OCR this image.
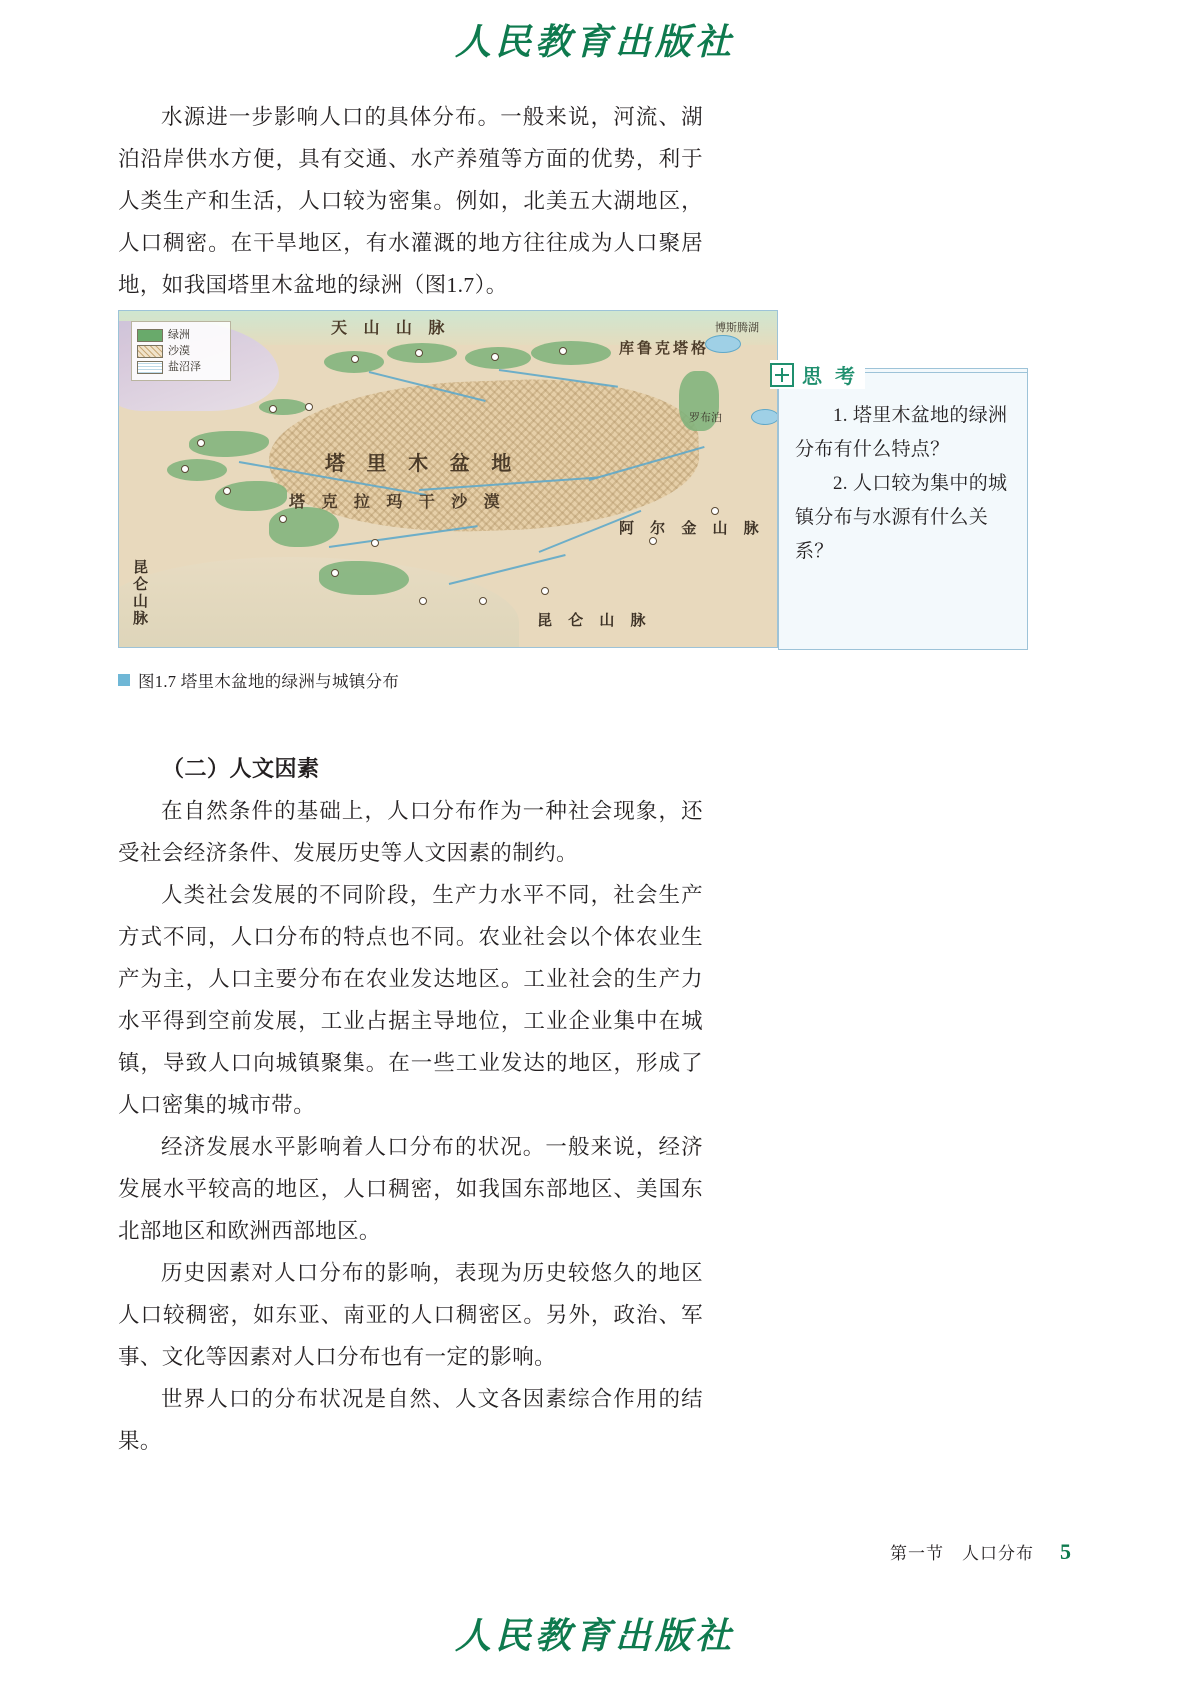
人民教育出版社

水源进一步影响人口的具体分布。一般来说，河流、湖泊沿岸供水方便，具有交通、水产养殖等方面的优势，利于人类生产和生活，人口较为密集。例如，北美五大湖地区，人口稠密。在干旱地区，有水灌溉的地方往往成为人口聚居地，如我国塔里木盆地的绿洲（图1.7）。

天 山 山 脉	博斯腾湖
库鲁克塔格
罗布泊
塔 里 木 盆 地
塔 克 拉 玛 干 沙 漠
阿 尔 金 山 脉
昆仑山脉	昆 仑 山 脉
绿洲
沙漠
盐沼泽

1. 塔里木盆地的绿洲分布有什么特点？

2. 人口较为集中的城镇分布与水源有什么关系？

思 考
图1.7 塔里木盆地的绿洲与城镇分布

（二）人文因素

在自然条件的基础上，人口分布作为一种社会现象，还受社会经济条件、发展历史等人文因素的制约。

人类社会发展的不同阶段，生产力水平不同，社会生产方式不同，人口分布的特点也不同。农业社会以个体农业生产为主，人口主要分布在农业发达地区。工业社会的生产力水平得到空前发展，工业占据主导地位，工业企业集中在城镇，导致人口向城镇聚集。在一些工业发达的地区，形成了人口密集的城市带。

经济发展水平影响着人口分布的状况。一般来说，经济发展水平较高的地区，人口稠密，如我国东部地区、美国东北部地区和欧洲西部地区。

历史因素对人口分布的影响，表现为历史较悠久的地区人口较稠密，如东亚、南亚的人口稠密区。另外，政治、军事、文化等因素对人口分布也有一定的影响。

世界人口的分布状况是自然、人文各因素综合作用的结果。

第一节　人口分布 5
人民教育出版社
